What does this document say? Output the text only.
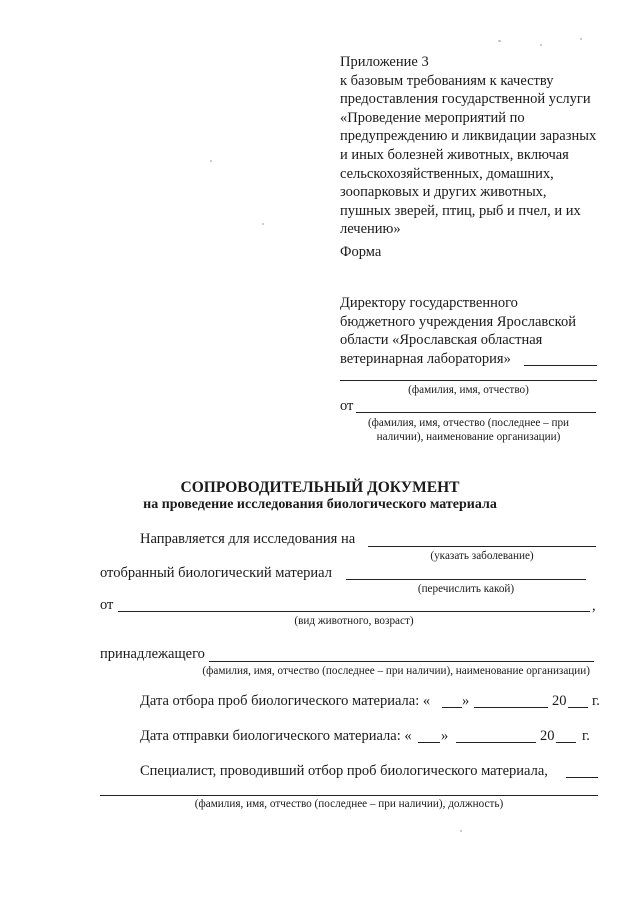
Приложение 3
к базовым требованиям к качеству
предоставления государственной услуги
«Проведение мероприятий по
предупреждению и ликвидации заразных
и иных болезней животных, включая
сельскохозяйственных, домашних,
зоопарковых и других животных,
пушных зверей, птиц, рыб и пчел, и их
лечению»
Форма
Директору государственного
бюджетного учреждения Ярославской
области «Ярославская областная
ветеринарная лаборатория»
(фамилия, имя, отчество)
от
(фамилия, имя, отчество (последнее – при
наличии), наименование организации)
СОПРОВОДИТЕЛЬНЫЙ ДОКУМЕНТ
на проведение исследования биологического материала
Направляется для исследования на
(указать заболевание)
отобранный биологический материал
(перечислить какой)
от	,
(вид животного, возраст)
принадлежащего
(фамилия, имя, отчество (последнее – при наличии), наименование организации)
Дата отбора проб биологического материала: « »	20 г.
Дата отправки биологического материала: « »	20 г.
Специалист, проводивший отбор проб биологического материала,
(фамилия, имя, отчество (последнее – при наличии), должность)
